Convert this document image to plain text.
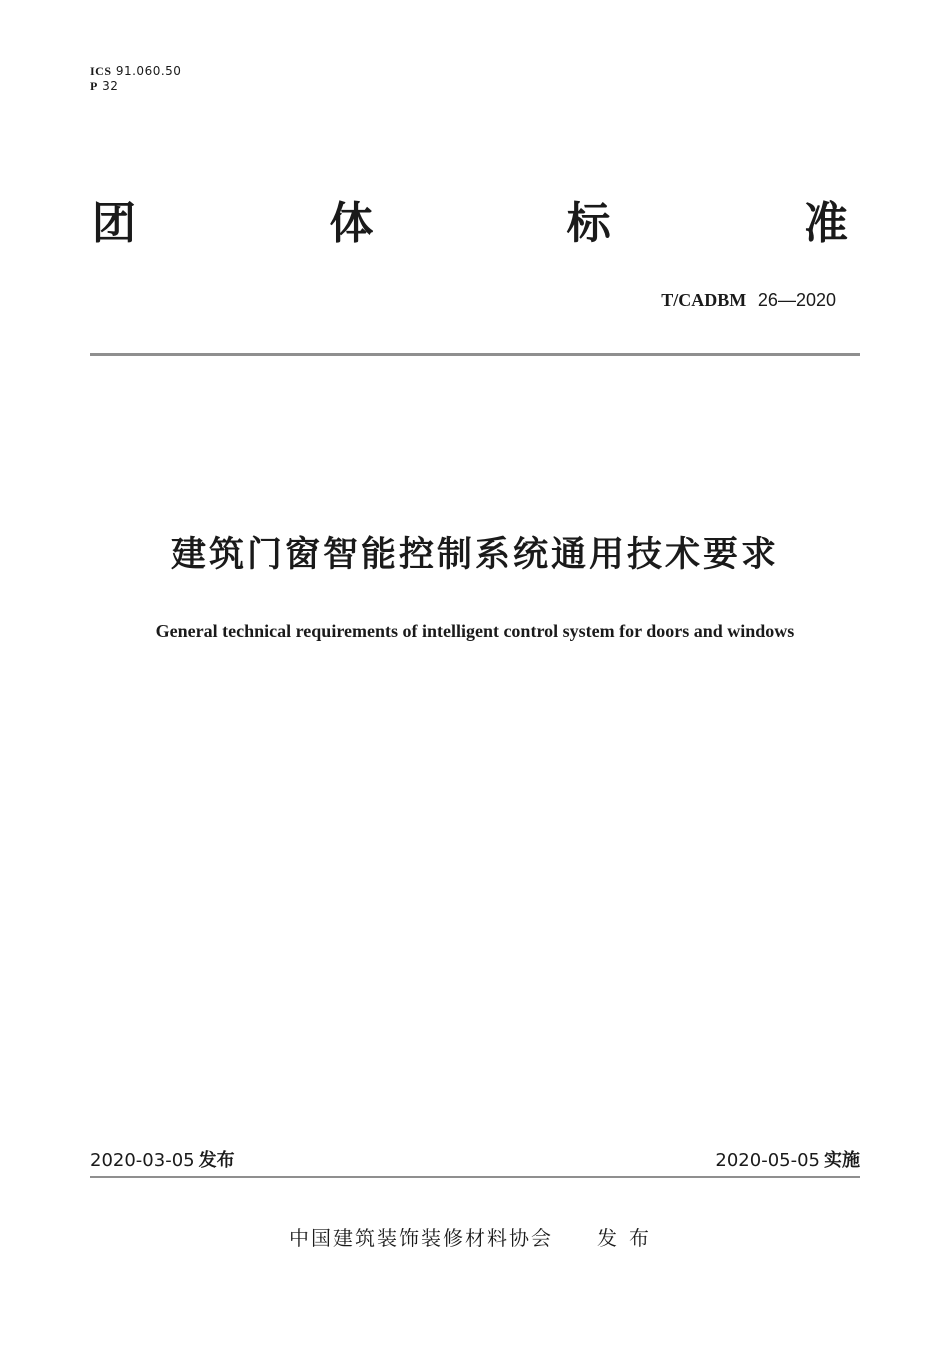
ICS 91.060.50
P 32
团	体	标	准
T/CADBM 26—2020
建筑门窗智能控制系统通用技术要求
General technical requirements of intelligent control system for doors and windows
2020-03-05 发布	2020-05-05 实施
中国建筑装饰装修材料协会 发布
